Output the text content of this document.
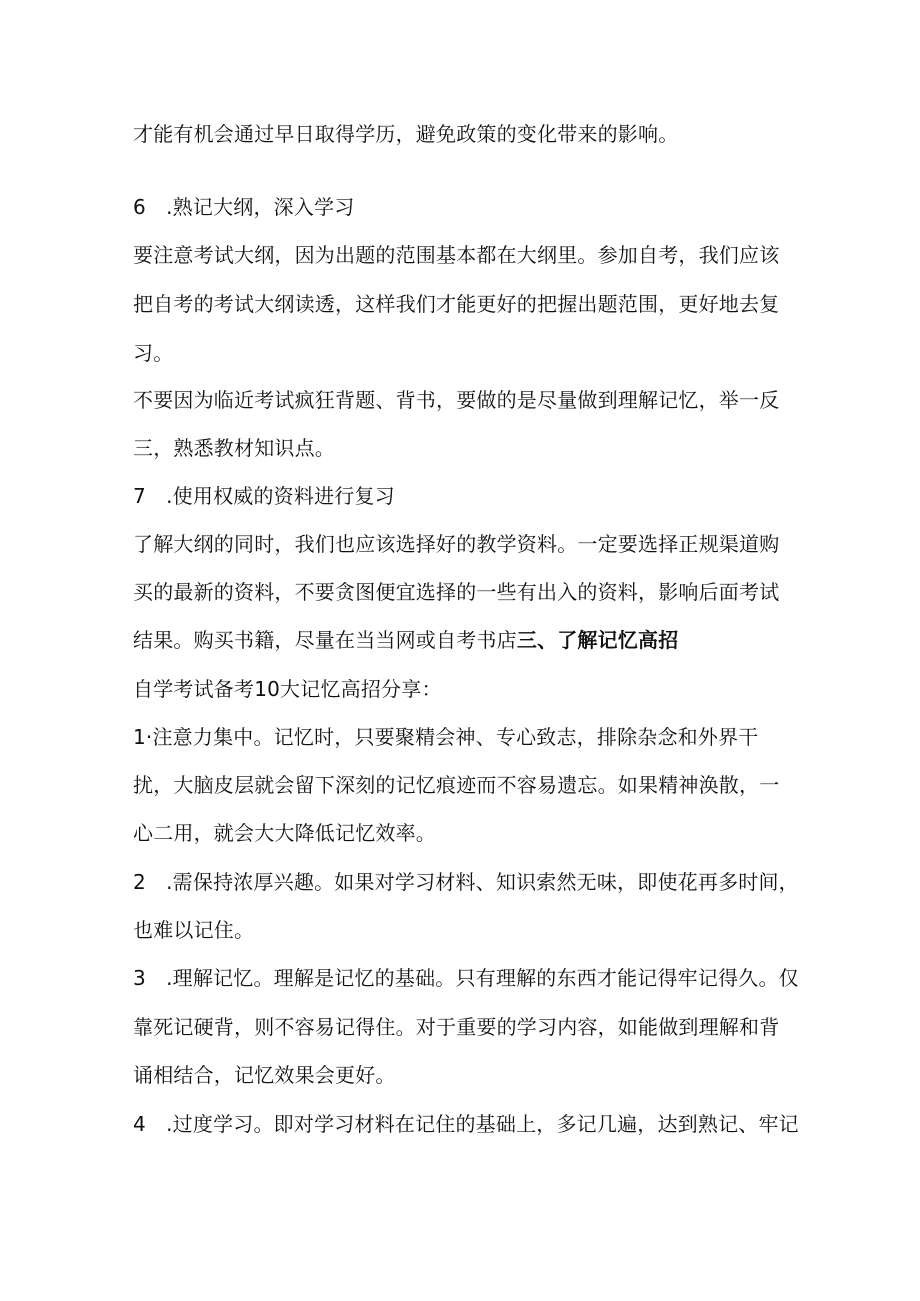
才能有机会通过早日取得学历，避免政策的变化带来的影响。
6　.熟记大纲，深入学习
要注意考试大纲，因为出题的范围基本都在大纲里。参加自考，我们应该
把自考的考试大纲读透，这样我们才能更好的把握出题范围，更好地去复
习。
不要因为临近考试疯狂背题、背书，要做的是尽量做到理解记忆，举一反
三，熟悉教材知识点。
7　.使用权威的资料进行复习
了解大纲的同时，我们也应该选择好的教学资料。一定要选择正规渠道购
买的最新的资料，不要贪图便宜选择的一些有出入的资料，影响后面考试
结果。购买书籍，尽量在当当网或自考书店三、了解记忆高招
自学考试备考10大记忆高招分享：
1·注意力集中。记忆时，只要聚精会神、专心致志，排除杂念和外界干
扰，大脑皮层就会留下深刻的记忆痕迹而不容易遗忘。如果精神涣散，一
心二用，就会大大降低记忆效率。
2　.需保持浓厚兴趣。如果对学习材料、知识索然无味，即使花再多时间，
也难以记住。
3　.理解记忆。理解是记忆的基础。只有理解的东西才能记得牢记得久。仅
靠死记硬背，则不容易记得住。对于重要的学习内容，如能做到理解和背
诵相结合，记忆效果会更好。
4　.过度学习。即对学习材料在记住的基础上，多记几遍，达到熟记、牢记
